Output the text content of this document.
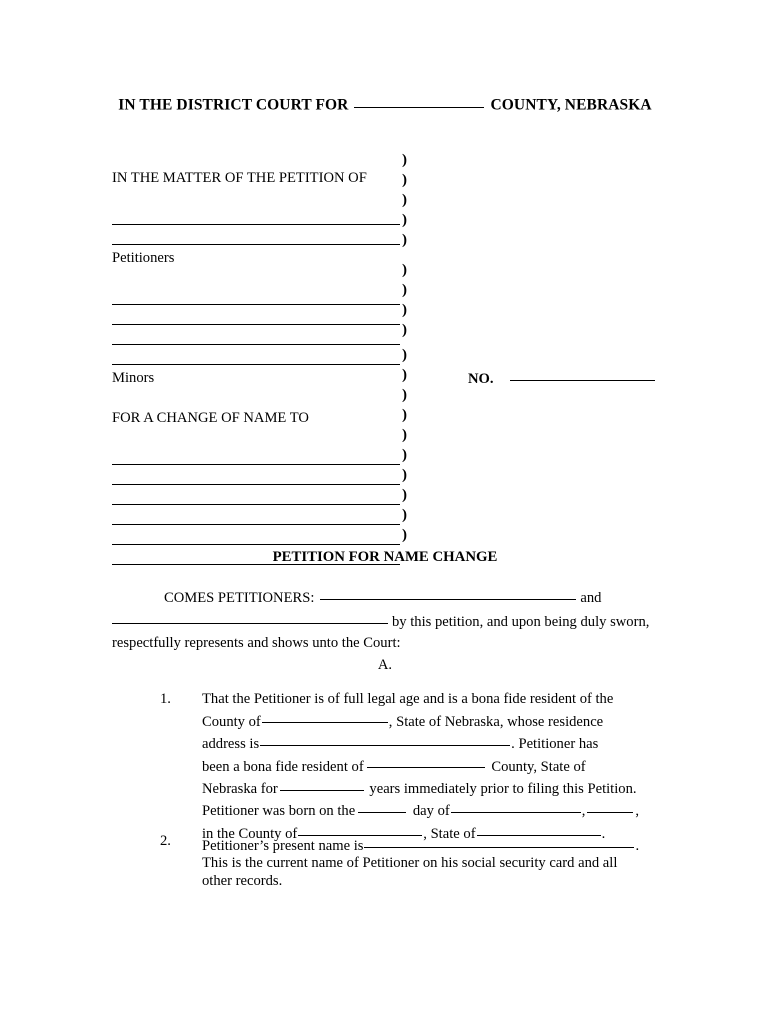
IN THE DISTRICT COURT FOR	COUNTY, NEBRASKA
IN THE MATTER OF THE PETITION OF
Petitioners
Minors
FOR A CHANGE OF NAME TO
)
)
)
)
)
)
)
)
)
)
)
)
)
)
)
)
)
)
)
NO.
PETITION FOR NAME CHANGE
COMES PETITIONERS:	and
by this petition, and upon being duly sworn,
respectfully represents and shows unto the Court:
A.
1.	That the Petitioner is of full legal age and is a bona fide resident of the
County of	, State of Nebraska, whose residence
address is	. Petitioner has
been a bona fide resident of	County, State of
Nebraska for	years immediately prior to filing this Petition.
Petitioner was born on the	day of	,	,
in the County of	, State of	.
2.	Petitioner’s present name is	.
This is the current name of Petitioner on his social security card and all
other records.
